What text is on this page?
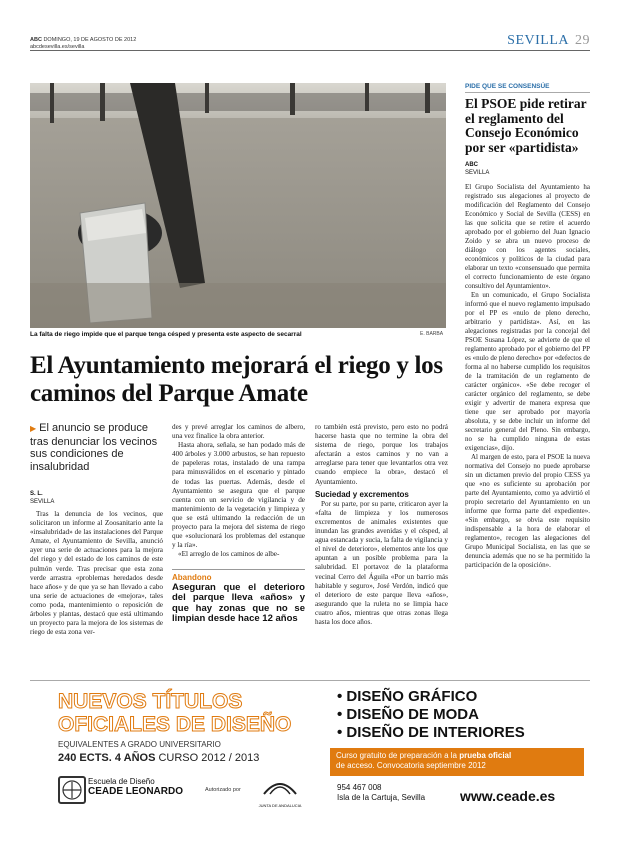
ABC DOMINGO, 19 DE AGOSTO DE 2012
abcdesevilla.es/sevilla	SEVILLA 29
La falta de riego impide que el parque tenga césped y presenta este aspecto de secarral	E. BARBA
El Ayuntamiento mejorará el riego y los caminos del Parque Amate
▶ El anuncio se produce tras denunciar los vecinos sus condiciones de insalubridad
S. L.
SEVILLA

Tras la denuncia de los vecinos, que solicitaron un informe al Zoosanitario ante la «insalubridad» de las instalaciones del Parque Amate, el Ayuntamiento de Sevilla, anunció ayer una serie de actuaciones para la mejora del riego y del estado de los caminos de este pulmón verde. Tras precisar que esta zona verde arrastra «problemas heredados desde hace años» y de que ya se han llevado a cabo una serie de actuaciones de «mejora», tales como poda, mantenimiento o reposición de árboles y plantas, destacó que está ultimando un proyecto para la mejora de los sistemas de riego de esta zona ver-

des y prevé arreglar los caminos de albero, una vez finalice la obra anterior.

Hasta ahora, señala, se han podado más de 400 árboles y 3.000 arbustos, se han repuesto de papeleras rotas, instalado de una rampa para minusválidos en el escenario y pintado de todas las puertas. Además, desde el Ayuntamiento se asegura que el parque cuenta con un servicio de vigilancia y de mantenimiento de la vegetación y limpieza y que se está ultimando la redacción de un proyecto para la mejora del sistema de riego que «solucionará los problemas del estanque y la ría».

«El arreglo de los caminos de albe-

Abandono
Aseguran que el deterioro del parque lleva «años» y que hay zonas que no se limpian desde hace 12 años

ro también está previsto, pero esto no podrá hacerse hasta que no termine la obra del sistema de riego, porque los trabajos afectarán a estos caminos y no van a arreglarse para tener que levantarlos otra vez cuando empiece la obra», destacó el Ayuntamiento.

Suciedad y excrementos

Por su parte, por su parte, criticaron ayer la «falta de limpieza y los numerosos excrementos de animales existentes que inundan las grandes avenidas y el césped, al agua estancada y sucia, la falta de vigilancia y el nivel de deterioro», elementos ante los que apuntan a un posible problema para la salubridad. El portavoz de la plataforma vecinal Cerro del Águila «Por un barrio más habitable y seguro», José Verdón, indicó que el deterioro de este parque lleva «años», asegurando que la ruleta no se limpia hace cuatro años, mientras que otras zonas llega hasta los doce años.

PIDE QUE SE CONSENSÚE
El PSOE pide retirar el reglamento del Consejo Económico por ser «partidista»
ABC
SEVILLA

El Grupo Socialista del Ayuntamiento ha registrado sus alegaciones al proyecto de modificación del Reglamento del Consejo Económico y Social de Sevilla (CESS) en las que solicita que se retire el acuerdo aprobado por el gobierno del Juan Ignacio Zoido y se abra un nuevo proceso de diálogo con los agentes sociales, económicos y políticos de la ciudad para elaborar un texto «consensuado que permita el correcto funcionamiento de este órgano consultivo del Ayuntamiento».

En un comunicado, el Grupo Socialista informó que el nuevo reglamento impulsado por el PP es «nulo de pleno derecho, arbitrario y partidista». Así, en las alegaciones registradas por la concejal del PSOE Susana López, se advierte de que el reglamento aprobado por el gobierno del PP es «nulo de pleno derecho» por «defectos de forma al no haberse cumplido los requisitos de la tramitación de un reglamento de carácter orgánico». «Se debe recoger el carácter orgánico del reglamento, se debe exigir y advertir de manera expresa que tiene que ser aprobado por mayoría absoluta, y se debe incluir un informe del secretario general del Pleno. Sin embargo, no se ha cumplido ninguna de estas exigencias», dijo.

Al margen de esto, para el PSOE la nueva normativa del Consejo no puede aprobarse sin un dictamen previo del propio CESS ya que «no es suficiente su aprobación por parte del Ayuntamiento, como ya advirtió el propio secretario del Ayuntamiento en un informe que forma parte del expediente». «Sin embargo, se obvia este requisito indispensable a la hora de elaborar el reglamento», recogen las alegaciones del Grupo Municipal Socialista, en las que se denuncia además que no se ha permitido la participación de la oposición».

NUEVOS TÍTULOS
OFICIALES DE DISEÑO
EQUIVALENTES A GRADO UNIVERSITARIO
240 ECTS. 4 AÑOS CURSO 2012 / 2013
• DISEÑO GRÁFICO
• DISEÑO DE MODA
• DISEÑO DE INTERIORES
Curso gratuito de preparación a la prueba oficial
de acceso. Convocatoria septiembre 2012
Escuela de Diseño
CEADE LEONARDO	Autorizado por
JUNTA DE ANDALUCIA
954 467 008
Isla de la Cartuja, Sevilla www.ceade.es
